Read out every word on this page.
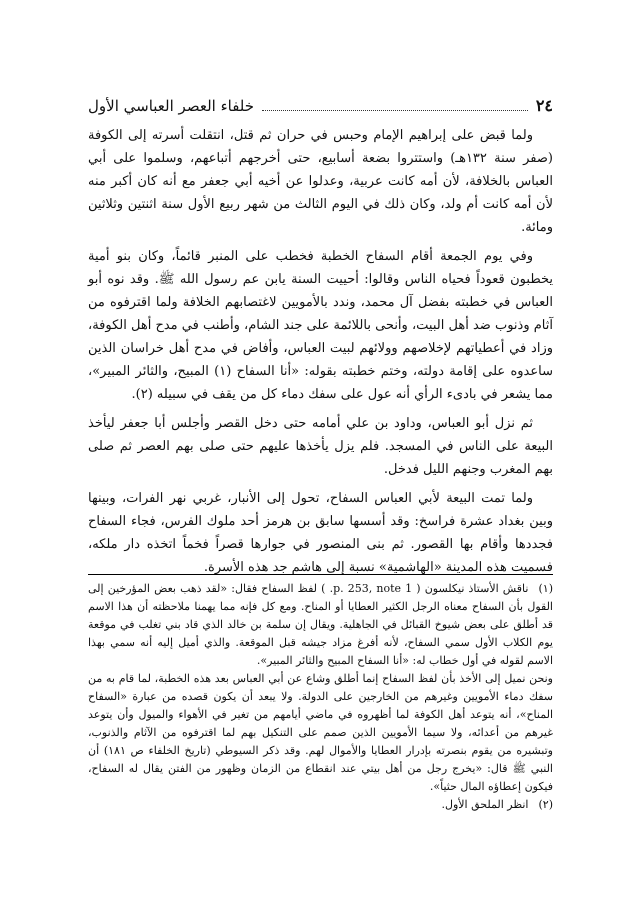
٢٤
خلفاء العصر العباسي الأول

ولما قبض على إبراهيم الإمام وحبس في حران ثم قتل، انتقلت أسرته إلى الكوفة (صفر سنة ١٣٢هـ) واستتروا بضعة أسابيع، حتى أخرجهم أتباعهم، وسلموا على أبي العباس بالخلافة، لأن أمه كانت عربية، وعدلوا عن أخيه أبي جعفر مع أنه كان أكبر منه لأن أمه كانت أم ولد، وكان ذلك في اليوم الثالث من شهر ربيع الأول سنة اثنتين وثلاثين ومائة.

وفي يوم الجمعة أقام السفاح الخطبة فخطب على المنبر قائماً، وكان بنو أمية يخطبون قعوداً فحياه الناس وقالوا: أحييت السنة يابن عم رسول الله ﷺ. وقد نوه أبو العباس في خطبته بفضل آل محمد، وندد بالأمويين لاغتصابهم الخلافة ولما اقترفوه من آثام وذنوب ضد أهل البيت، وأنحى باللائمة على جند الشام، وأطنب في مدح أهل الكوفة، وزاد في أعطياتهم لإخلاصهم وولائهم لبيت العباس، وأفاض في مدح أهل خراسان الذين ساعدوه على إقامة دولته، وختم خطبته بقوله: «أنا السفاح (١) المبيح، والثائر المبير»، مما يشعر في بادىء الرأي أنه عول على سفك دماء كل من يقف في سبيله (٢).

ثم نزل أبو العباس، وداود بن علي أمامه حتى دخل القصر وأجلس أبا جعفر ليأخذ البيعة على الناس في المسجد. فلم يزل يأخذها عليهم حتى صلى بهم العصر ثم صلى بهم المغرب وجنهم الليل فدخل.

ولما تمت البيعة لأبي العباس السفاح، تحول إلى الأنبار، غربي نهر الفرات، وبينها وبين بغداد عشرة فراسخ: وقد أسسها سابق بن هرمز أحد ملوك الفرس، فجاء السفاح فجددها وأقام بها القصور. ثم بنى المنصور في جوارها قصراً فخماً اتخذه دار ملكه، فسميت هذه المدينة «الهاشمية» نسبة إلى هاشم جد هذه الأسرة.

(١)ناقش الأستاذ نيكلسون ( p. 253, note 1. ) لفظ السفاح فقال: «لقد ذهب بعض المؤرخين إلى القول بأن السفاح معناه الرجل الكثير العطايا أو المناح. ومع كل فإنه مما يهمنا ملاحظته أن هذا الاسم قد أطلق على بعض شيوخ القبائل في الجاهلية. ويقال إن سلمة بن خالد الذي قاد بني تغلب في موقعة يوم الكلاب الأول سمي السفاح، لأنه أفرغ مزاد جيشه قبل الموقعة. والذي أميل إليه أنه سمي بهذا الاسم لقوله في أول خطاب له: «أنا السفاح المبيح والثائر المبير».

ونحن نميل إلى الأخذ بأن لفظ السفاح إنما أطلق وشاع عن أبي العباس بعد هذه الخطبة، لما قام به من سفك دماء الأمويين وغيرهم من الخارجين على الدولة. ولا يبعد أن يكون قصده من عبارة «السفاح المناح»، أنه يتوعد أهل الكوفة لما أظهروه في ماضي أيامهم من تغير في الأهواء والميول وأن يتوعد غيرهم من أعدائه، ولا سيما الأمويين الذين صمم على التنكيل بهم لما اقترفوه من الآثام والذنوب، وتبشيره من يقوم بنصرته بإدرار العطايا والأموال لهم. وقد ذكر السيوطي (تاريخ الخلفاء ص ١٨١) أن النبي ﷺ قال: «يخرج رجل من أهل بيتي عند انقطاع من الزمان وظهور من الفتن يقال له السفاح، فيكون إعطاؤه المال حثياً».

(٢)انظر الملحق الأول.
